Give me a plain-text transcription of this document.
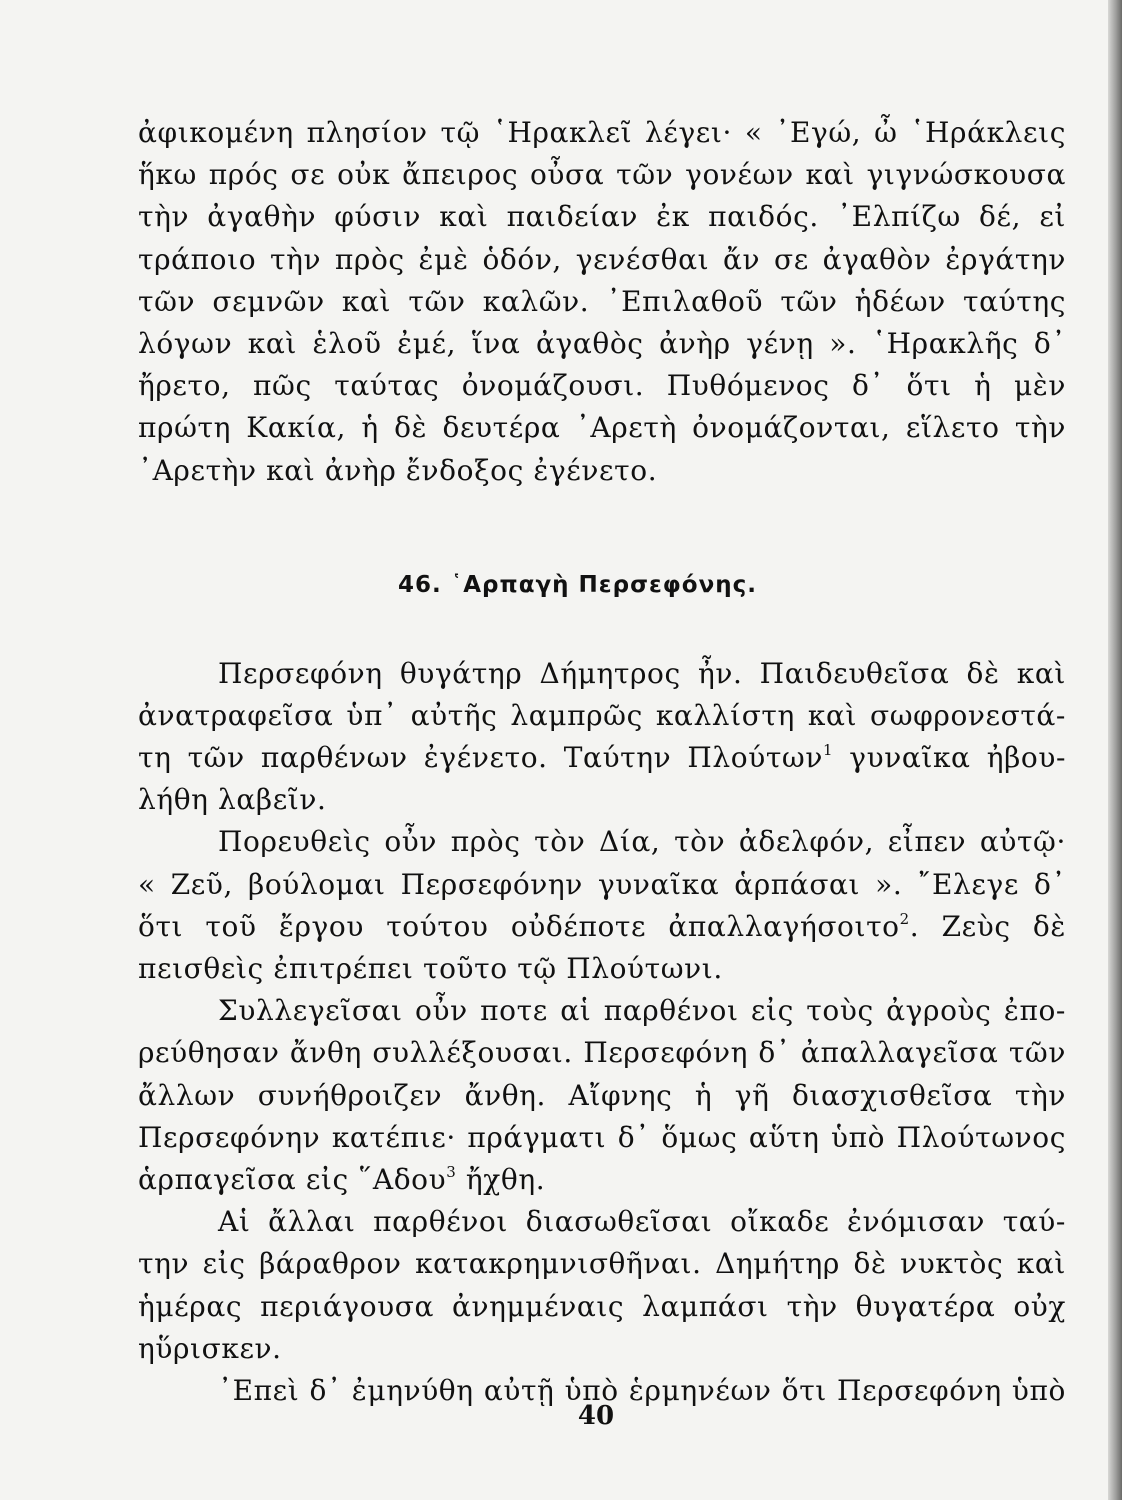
ἀφικομένη πλησίον τῷ ῾Ηρακλεῖ λέγει· « ᾿Εγώ, ὦ ῾Ηράκλεις
ἥκω πρός σε οὐκ ἄπειρος οὖσα τῶν γονέων καὶ γιγνώσκουσα
τὴν ἀγαθὴν φύσιν καὶ παιδείαν ἐκ παιδός. ᾿Ελπίζω δέ, εἰ
τράποιο τὴν πρὸς ἐμὲ ὁδόν, γενέσθαι ἄν σε ἀγαθὸν ἐργάτην
τῶν σεμνῶν καὶ τῶν καλῶν. ᾿Επιλαθοῦ τῶν ἡδέων ταύτης
λόγων καὶ ἑλοῦ ἐμέ, ἵνα ἀγαθὸς ἀνὴρ γένῃ ». ῾Ηρακλῆς δ᾿
ἤρετο, πῶς ταύτας ὀνομάζουσι. Πυθόμενος δ᾿ ὅτι ἡ μὲν
πρώτη Κακία, ἡ δὲ δευτέρα ᾿Αρετὴ ὀνομάζονται, εἵλετο τὴν
᾿Αρετὴν καὶ ἀνὴρ ἔνδοξος ἐγένετο.
46. ῾Αρπαγὴ Περσεφόνης.
Περσεφόνη θυγάτηρ Δήμητρος ἦν. Παιδευθεῖσα δὲ καὶ
ἀνατραφεῖσα ὑπ᾿ αὐτῆς λαμπρῶς καλλίστη καὶ σωφρονεστά-
τη τῶν παρθένων ἐγένετο. Ταύτην Πλούτων$^1$ γυναῖκα ἠβου-
λήθη λαβεῖν.
Πορευθεὶς οὖν πρὸς τὸν Δία, τὸν ἀδελφόν, εἶπεν αὐτῷ·
« Ζεῦ, βούλομαι Περσεφόνην γυναῖκα ἁρπάσαι ». ῎Ελεγε δ᾿
ὅτι τοῦ ἔργου τούτου οὐδέποτε ἀπαλλαγήσοιτο$^2$. Ζεὺς δὲ
πεισθεὶς ἐπιτρέπει τοῦτο τῷ Πλούτωνι.
Συλλεγεῖσαι οὖν ποτε αἱ παρθένοι εἰς τοὺς ἀγροὺς ἐπο-
ρεύθησαν ἄνθη συλλέξουσαι. Περσεφόνη δ᾿ ἀπαλλαγεῖσα τῶν
ἄλλων συνήθροιζεν ἄνθη. Αἴφνης ἡ γῆ διασχισθεῖσα τὴν
Περσεφόνην κατέπιε· πράγματι δ᾿ ὅμως αὕτη ὑπὸ Πλούτωνος
ἁρπαγεῖσα εἰς ῞Αδου$^3$ ἤχθη.
Αἱ ἄλλαι παρθένοι διασωθεῖσαι οἴκαδε ἐνόμισαν ταύ-
την εἰς βάραθρον κατακρημνισθῆναι. Δημήτηρ δὲ νυκτὸς καὶ
ἡμέρας περιάγουσα ἀνημμέναις λαμπάσι τὴν θυγατέρα οὐχ
ηὕρισκεν.
᾿Επεὶ δ᾿ ἐμηνύθη αὐτῇ ὑπὸ ἑρμηνέων ὅτι Περσεφόνη ὑπὸ
40
